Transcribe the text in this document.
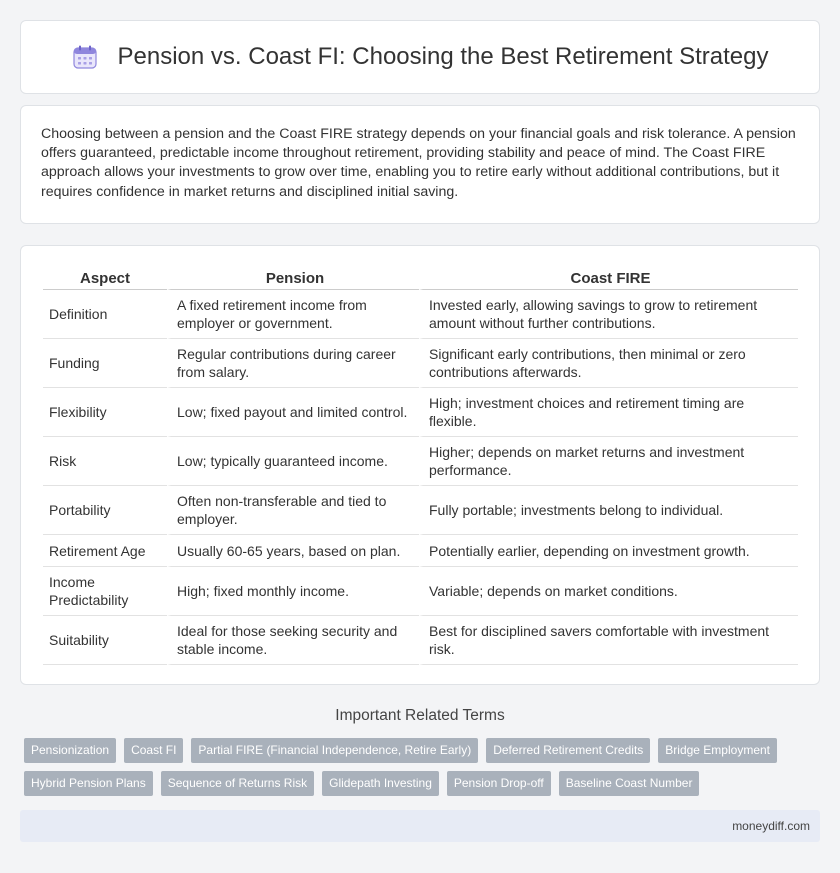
Pension vs. Coast FI: Choosing the Best Retirement Strategy

Choosing between a pension and the Coast FIRE strategy depends on your financial goals and risk tolerance. A pension offers guaranteed, predictable income throughout retirement, providing stability and peace of mind. The Coast FIRE approach allows your investments to grow over time, enabling you to retire early without additional contributions, but it requires confidence in market returns and disciplined initial saving.

Aspect	Pension	Coast FIRE
Definition	A fixed retirement income from employer or government.	Invested early, allowing savings to grow to retirement amount without further contributions.
Funding	Regular contributions during career from salary.	Significant early contributions, then minimal or zero contributions afterwards.
Flexibility	Low; fixed payout and limited control.	High; investment choices and retirement timing are flexible.
Risk	Low; typically guaranteed income.	Higher; depends on market returns and investment performance.
Portability	Often non-transferable and tied to employer.	Fully portable; investments belong to individual.
Retirement Age	Usually 60-65 years, based on plan.	Potentially earlier, depending on investment growth.
Income Predictability	High; fixed monthly income.	Variable; depends on market conditions.
Suitability	Ideal for those seeking security and stable income.	Best for disciplined savers comfortable with investment risk.
Important Related Terms
Pensionization	Coast FI	Partial FIRE (Financial Independence, Retire Early)	Deferred Retirement Credits	Bridge Employment
Hybrid Pension Plans	Sequence of Returns Risk	Glidepath Investing	Pension Drop-off	Baseline Coast Number
moneydiff.com
